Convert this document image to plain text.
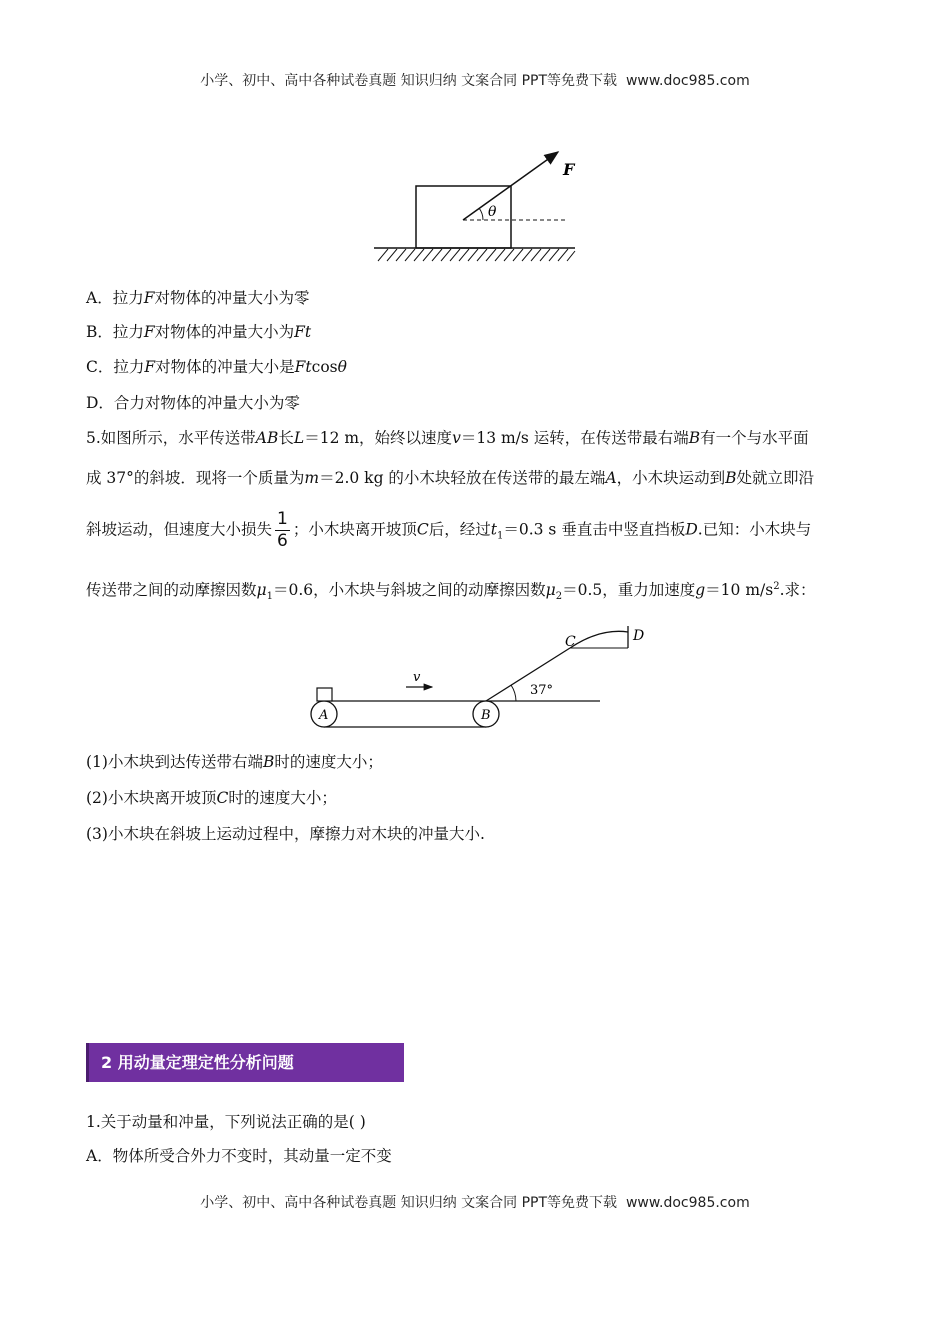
小学、初中、高中各种试卷真题 知识归纳 文案合同 PPT等免费下载 www.doc985.com
θ
F
A．拉力F对物体的冲量大小为零
B．拉力F对物体的冲量大小为Ft
C．拉力F对物体的冲量大小是Ftcosθ
D．合力对物体的冲量大小为零
5.如图所示，水平传送带AB长L＝12 m，始终以速度v＝13 m/s 运转，在传送带最右端B有一个与水平面
成 37°的斜坡．现将一个质量为m＝2.0 kg 的小木块轻放在传送带的最左端A，小木块运动到B处就立即沿
斜坡运动，但速度大小损失 $\frac{1}{6}$ ；小木块离开坡顶C后，经过$t_1=0.3$ s 垂直击中竖直挡板D.已知：小木块与
传送带之间的动摩擦因数$\mu_1=0.6$，小木块与斜坡之间的动摩擦因数$\mu_2=0.5$，重力加速度g＝10 $m/s^2$.求：
A	B
v
C	D
37°
(1)小木块到达传送带右端B时的速度大小；
(2)小木块离开坡顶C时的速度大小；
(3)小木块在斜坡上运动过程中，摩擦力对木块的冲量大小.
2 用动量定理定性分析问题
1.关于动量和冲量，下列说法正确的是( )
A．物体所受合外力不变时，其动量一定不变
小学、初中、高中各种试卷真题 知识归纳 文案合同 PPT等免费下载 www.doc985.com
